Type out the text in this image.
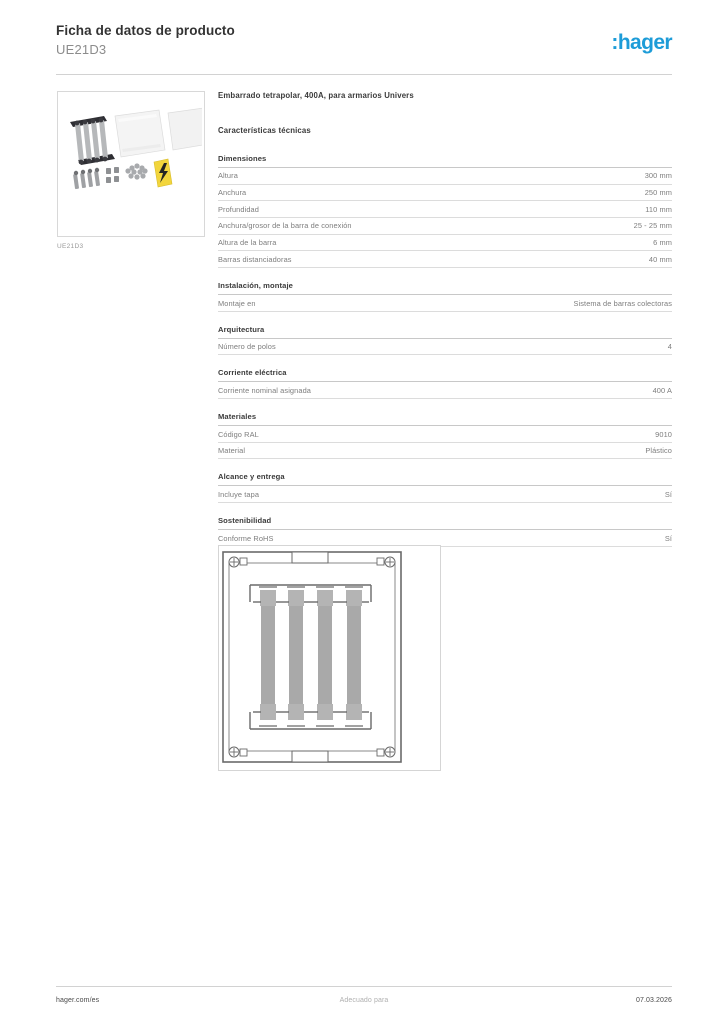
Ficha de datos de producto
UE21D3	:hager
UE21D3
Embarrado tetrapolar, 400A, para armarios Univers
Características técnicas
Dimensiones
Altura	300 mm
Anchura	250 mm
Profundidad	110 mm
Anchura/grosor de la barra de conexión	25 - 25 mm
Altura de la barra	6 mm
Barras distanciadoras	40 mm
Instalación, montaje
Montaje en	Sistema de barras colectoras
Arquitectura
Número de polos	4
Corriente eléctrica
Corriente nominal asignada	400 A
Materiales
Código RAL	9010
Material	Plástico
Alcance y entrega
Incluye tapa	Sí
Sostenibilidad
Conforme RoHS	Sí
hager.com/es	Adecuado para	07.03.2026
